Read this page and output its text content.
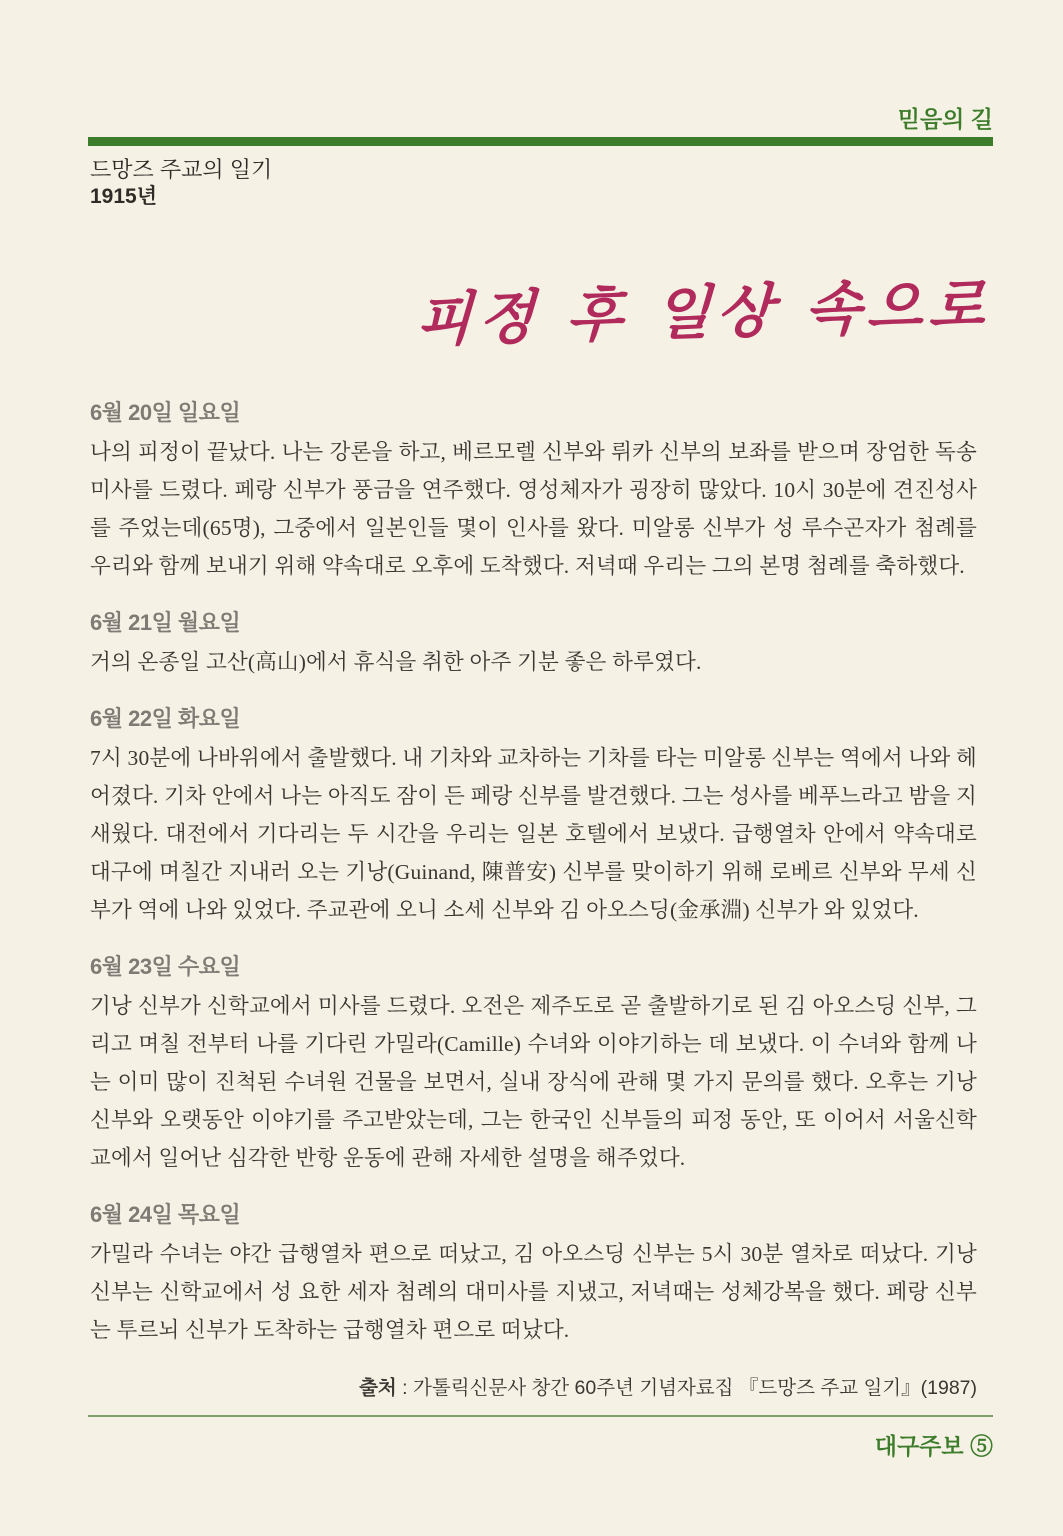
믿음의 길
드망즈 주교의 일기
1915년
피정 후 일상 속으로
6월 20일 일요일

나의 피정이 끝났다. 나는 강론을 하고, 베르모렐 신부와 뤼카 신부의 보좌를 받으며 장엄한 독송미사를 드렸다. 페랑 신부가 풍금을 연주했다. 영성체자가 굉장히 많았다. 10시 30분에 견진성사를 주었는데(65명), 그중에서 일본인들 몇이 인사를 왔다. 미알롱 신부가 성 루수곤자가 첨례를 우리와 함께 보내기 위해 약속대로 오후에 도착했다. 저녁때 우리는 그의 본명 첨례를 축하했다.

6월 21일 월요일

거의 온종일 고산(高山)에서 휴식을 취한 아주 기분 좋은 하루였다.

6월 22일 화요일

7시 30분에 나바위에서 출발했다. 내 기차와 교차하는 기차를 타는 미알롱 신부는 역에서 나와 헤어졌다. 기차 안에서 나는 아직도 잠이 든 페랑 신부를 발견했다. 그는 성사를 베푸느라고 밤을 지새웠다. 대전에서 기다리는 두 시간을 우리는 일본 호텔에서 보냈다. 급행열차 안에서 약속대로 대구에 며칠간 지내러 오는 기낭(Guinand, 陳普安) 신부를 맞이하기 위해 로베르 신부와 무세 신부가 역에 나와 있었다. 주교관에 오니 소세 신부와 김 아오스딩(金承淵) 신부가 와 있었다.

6월 23일 수요일

기낭 신부가 신학교에서 미사를 드렸다. 오전은 제주도로 곧 출발하기로 된 김 아오스딩 신부, 그리고 며칠 전부터 나를 기다린 가밀라(Camille) 수녀와 이야기하는 데 보냈다. 이 수녀와 함께 나는 이미 많이 진척된 수녀원 건물을 보면서, 실내 장식에 관해 몇 가지 문의를 했다. 오후는 기낭 신부와 오랫동안 이야기를 주고받았는데, 그는 한국인 신부들의 피정 동안, 또 이어서 서울신학교에서 일어난 심각한 반항 운동에 관해 자세한 설명을 해주었다.

6월 24일 목요일

가밀라 수녀는 야간 급행열차 편으로 떠났고, 김 아오스딩 신부는 5시 30분 열차로 떠났다. 기낭 신부는 신학교에서 성 요한 세자 첨례의 대미사를 지냈고, 저녁때는 성체강복을 했다. 페랑 신부는 투르뇌 신부가 도착하는 급행열차 편으로 떠났다.

출처 : 가톨릭신문사 창간 60주년 기념자료집 『드망즈 주교 일기』(1987)
대구주보 ⑤
